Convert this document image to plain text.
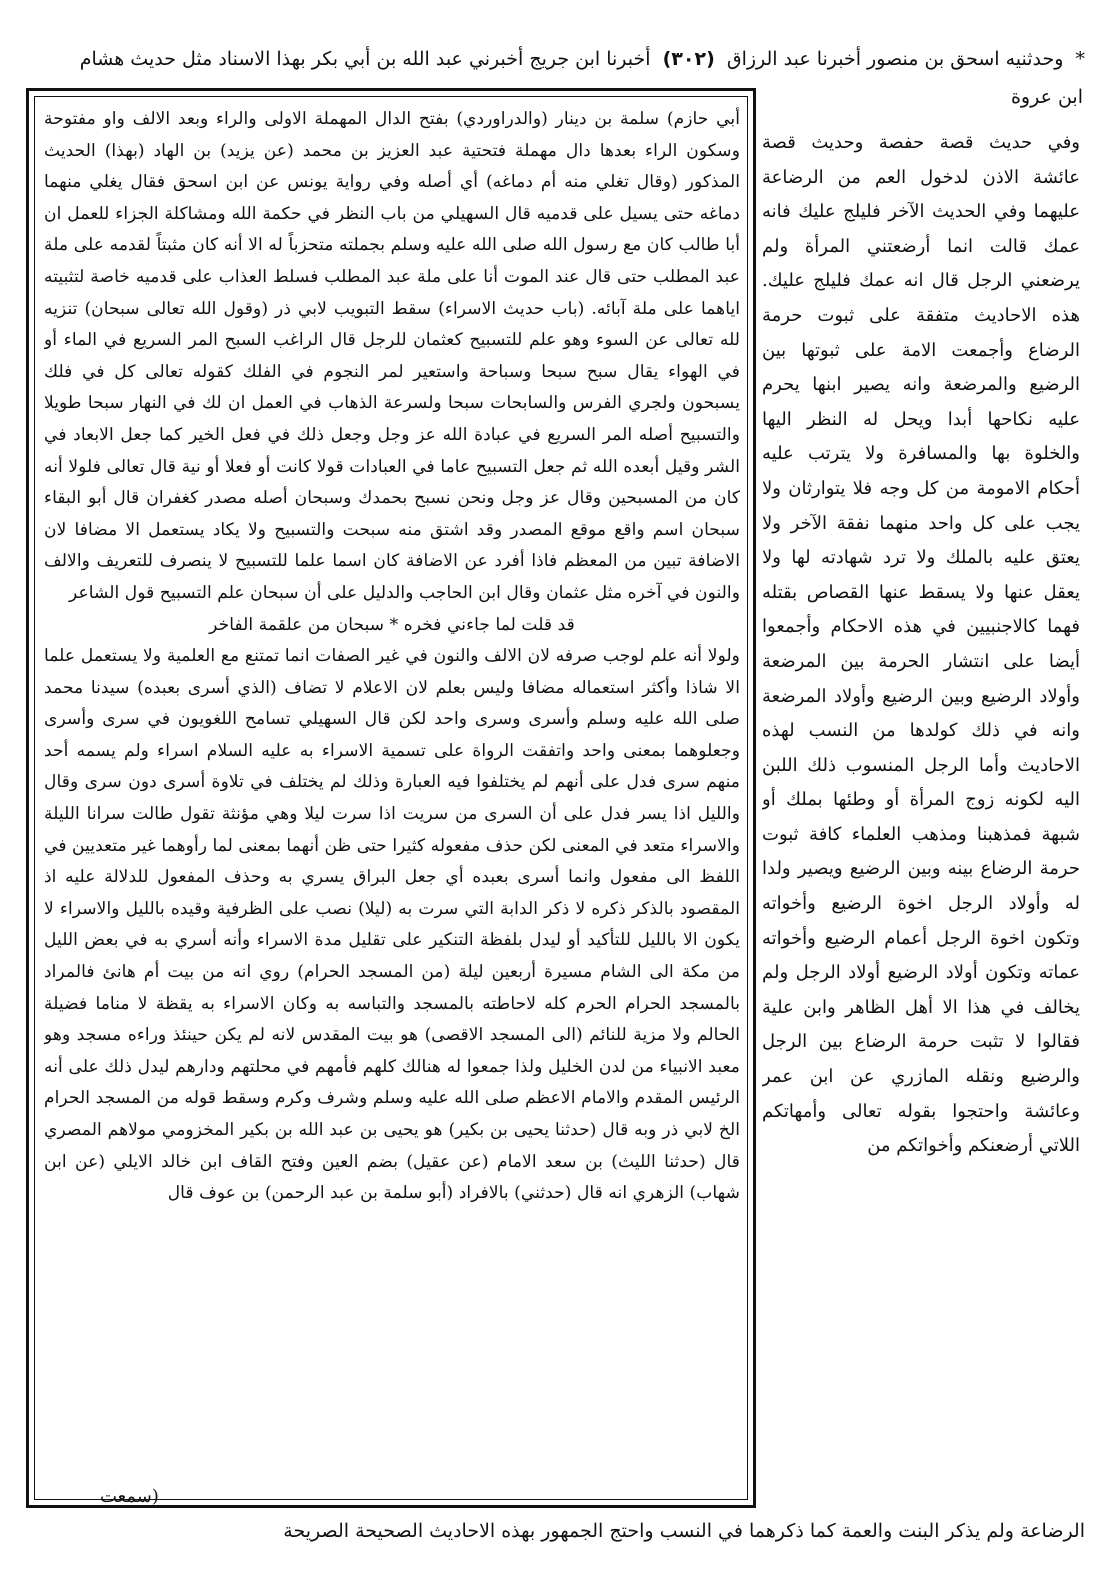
* وحدثنيه اسحق بن منصور أخبرنا عبد الرزاق (٣٠٢) أخبرنا ابن جريج أخبرني عبد الله بن أبي بكر بهذا الاسناد مثل حديث هشام
ابن عروة

أبي حازم) سلمة بن دينار (والدراوردي) بفتح الدال المهملة الاولى والراء وبعد الالف واو مفتوحة وسكون الراء بعدها دال مهملة فتحتية عبد العزيز بن محمد (عن يزيد) بن الهاد (بهذا) الحديث المذكور (وقال تغلي منه أم دماغه) أي أصله وفي رواية يونس عن ابن اسحق فقال يغلي منهما دماغه حتى يسيل على قدميه قال السهيلي من باب النظر في حكمة الله ومشاكلة الجزاء للعمل ان أبا طالب كان مع رسول الله صلى الله عليه وسلم بجملته متحزباً له الا أنه كان مثبتاً لقدمه على ملة عبد المطلب حتى قال عند الموت أنا على ملة عبد المطلب فسلط العذاب على قدميه خاصة لتثبيته اياهما على ملة آبائه. (باب حديث الاسراء) سقط التبويب لابي ذر (وقول الله تعالى سبحان) تنزيه لله تعالى عن السوء وهو علم للتسبيح كعثمان للرجل قال الراغب السبح المر السريع في الماء أو في الهواء يقال سبح سبحا وسباحة واستعير لمر النجوم في الفلك كقوله تعالى كل في فلك يسبحون ولجري الفرس والسابحات سبحا ولسرعة الذهاب في العمل ان لك في النهار سبحا طويلا والتسبيح أصله المر السريع في عبادة الله عز وجل وجعل ذلك في فعل الخير كما جعل الابعاد في الشر وقيل أبعده الله ثم جعل التسبيح عاما في العبادات قولا كانت أو فعلا أو نية قال تعالى فلولا أنه كان من المسبحين وقال عز وجل ونحن نسبح بحمدك وسبحان أصله مصدر كغفران قال أبو البقاء سبحان اسم واقع موقع المصدر وقد اشتق منه سبحت والتسبيح ولا يكاد يستعمل الا مضافا لان الاضافة تبين من المعظم فاذا أفرد عن الاضافة كان اسما علما للتسبيح لا ينصرف للتعريف والالف والنون في آخره مثل عثمان وقال ابن الحاجب والدليل على أن سبحان علم التسبيح قول الشاعر

قد قلت لما جاءني فخره * سبحان من علقمة الفاخر

ولولا أنه علم لوجب صرفه لان الالف والنون في غير الصفات انما تمتنع مع العلمية ولا يستعمل علما الا شاذا وأكثر استعماله مضافا وليس بعلم لان الاعلام لا تضاف (الذي أسرى بعبده) سيدنا محمد صلى الله عليه وسلم وأسرى وسرى واحد لكن قال السهيلي تسامح اللغويون في سرى وأسرى وجعلوهما بمعنى واحد واتفقت الرواة على تسمية الاسراء به عليه السلام اسراء ولم يسمه أحد منهم سرى فدل على أنهم لم يختلفوا فيه العبارة وذلك لم يختلف في تلاوة أسرى دون سرى وقال والليل اذا يسر فدل على أن السرى من سريت اذا سرت ليلا وهي مؤنثة تقول طالت سرانا الليلة والاسراء متعد في المعنى لكن حذف مفعوله كثيرا حتى ظن أنهما بمعنى لما رأوهما غير متعديين في اللفظ الى مفعول وانما أسرى بعبده أي جعل البراق يسري به وحذف المفعول للدلالة عليه اذ المقصود بالذكر ذكره لا ذكر الدابة التي سرت به (ليلا) نصب على الظرفية وقيده بالليل والاسراء لا يكون الا بالليل للتأكيد أو ليدل بلفظة التنكير على تقليل مدة الاسراء وأنه أسري به في بعض الليل من مكة الى الشام مسيرة أربعين ليلة (من المسجد الحرام) روي انه من بيت أم هانئ فالمراد بالمسجد الحرام الحرم كله لاحاطته بالمسجد والتباسه به وكان الاسراء به يقظة لا مناما فضيلة الحالم ولا مزية للنائم (الى المسجد الاقصى) هو بيت المقدس لانه لم يكن حينئذ وراءه مسجد وهو معبد الانبياء من لدن الخليل ولذا جمعوا له هنالك كلهم فأمهم في محلتهم ودارهم ليدل ذلك على أنه الرئيس المقدم والامام الاعظم صلى الله عليه وسلم وشرف وكرم وسقط قوله من المسجد الحرام الخ لابي ذر وبه قال (حدثنا يحيى بن بكير) هو يحيى بن عبد الله بن بكير المخزومي مولاهم المصري قال (حدثنا الليث) بن سعد الامام (عن عقيل) بضم العين وفتح القاف ابن خالد الايلي (عن ابن شهاب) الزهري انه قال (حدثني) بالافراد (أبو سلمة بن عبد الرحمن) بن عوف قال

وفي حديث قصة حفصة وحديث قصة عائشة الاذن لدخول العم من الرضاعة عليهما وفي الحديث الآخر فليلج عليك فانه عمك قالت انما أرضعتني المرأة ولم يرضعني الرجل قال انه عمك فليلج عليك. هذه الاحاديث متفقة على ثبوت حرمة الرضاع وأجمعت الامة على ثبوتها بين الرضيع والمرضعة وانه يصير ابنها يحرم عليه نكاحها أبدا ويحل له النظر اليها والخلوة بها والمسافرة ولا يترتب عليه أحكام الامومة من كل وجه فلا يتوارثان ولا يجب على كل واحد منهما نفقة الآخر ولا يعتق عليه بالملك ولا ترد شهادته لها ولا يعقل عنها ولا يسقط عنها القصاص بقتله فهما كالاجنبيين في هذه الاحكام وأجمعوا أيضا على انتشار الحرمة بين المرضعة وأولاد الرضيع وبين الرضيع وأولاد المرضعة وانه في ذلك كولدها من النسب لهذه الاحاديث وأما الرجل المنسوب ذلك اللبن اليه لكونه زوج المرأة أو وطئها بملك أو شبهة فمذهبنا ومذهب العلماء كافة ثبوت حرمة الرضاع بينه وبين الرضيع ويصير ولدا له وأولاد الرجل اخوة الرضيع وأخواته وتكون اخوة الرجل أعمام الرضيع وأخواته عماته وتكون أولاد الرضيع أولاد الرجل ولم يخالف في هذا الا أهل الظاهر وابن علية فقالوا لا تثبت حرمة الرضاع بين الرجل والرضيع ونقله المازري عن ابن عمر وعائشة واحتجوا بقوله تعالى وأمهاتكم اللاتي أرضعنكم وأخواتكم من

(سمعت
الرضاعة ولم يذكر البنت والعمة كما ذكرهما في النسب واحتج الجمهور بهذه الاحاديث الصحيحة الصريحة
